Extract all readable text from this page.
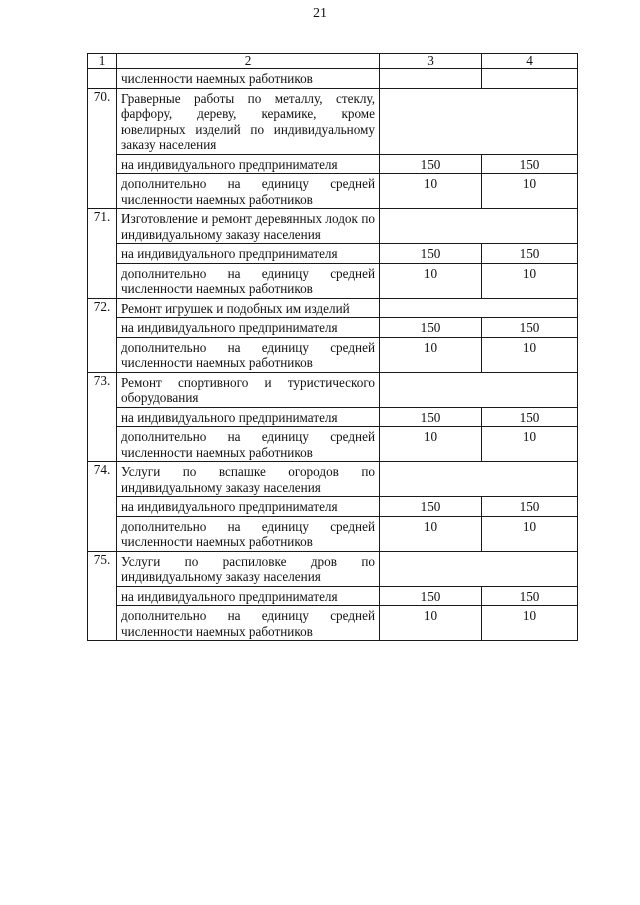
21
1	2	3	4
	численности наемных работников		
70.	Граверные работы по металлу, стеклу, фарфору, дереву, керамике, кроме ювелирных изделий по индивидуальному заказу населения		
	на индивидуального предпринимателя	150	150
	дополнительно на единицу средней численности наемных работников	10	10
71.	Изготовление и ремонт деревянных лодок по индивидуальному заказу населения		
	на индивидуального предпринимателя	150	150
	дополнительно на единицу средней численности наемных работников	10	10
72.	Ремонт игрушек и подобных им изделий		
	на индивидуального предпринимателя	150	150
	дополнительно на единицу средней численности наемных работников	10	10
73.	Ремонт спортивного и туристического оборудования		
	на индивидуального предпринимателя	150	150
	дополнительно на единицу средней численности наемных работников	10	10
74.	Услуги по вспашке огородов по индивидуальному заказу населения		
	на индивидуального предпринимателя	150	150
	дополнительно на единицу средней численности наемных работников	10	10
75.	Услуги по распиловке дров по индивидуальному заказу населения		
	на индивидуального предпринимателя	150	150
	дополнительно на единицу средней численности наемных работников	10	10
